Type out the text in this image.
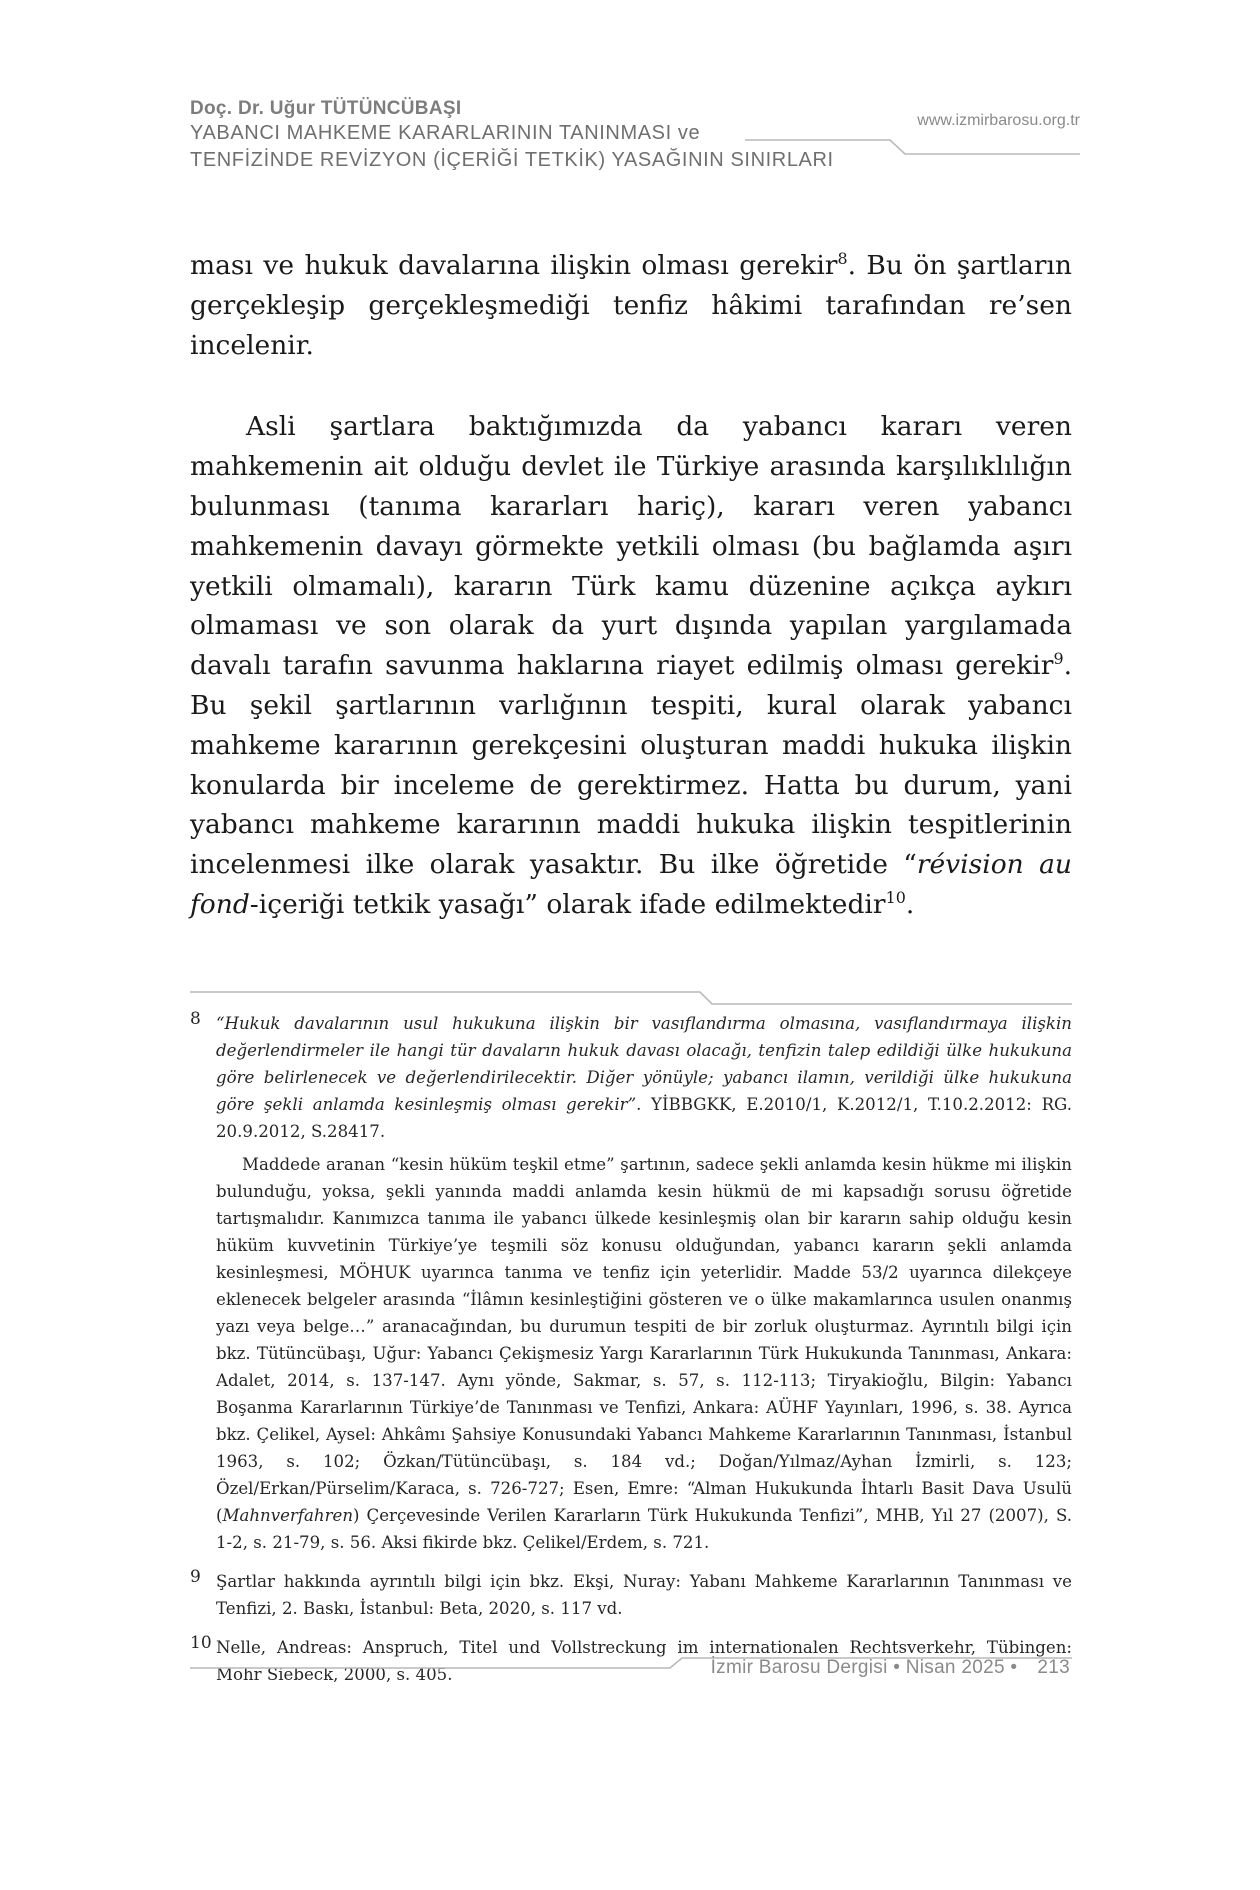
Doç. Dr. Uğur TÜTÜNCÜBAŞI
YABANCI MAHKEME KARARLARININ TANINMASI ve
TENFİZİNDE REVİZYON (İÇERİĞİ TETKİK) YASAĞININ SINIRLARI
www.izmirbarosu.org.tr

ması ve hukuk davalarına ilişkin olması gerekir$^8$. Bu ön şartların gerçekleşip gerçekleşmediği tenfiz hâkimi tarafından re’sen incelenir.

Asli şartlara baktığımızda da yabancı kararı veren mahkemenin ait olduğu devlet ile Türkiye arasında karşılıklılığın bulunması (tanıma kararları hariç), kararı veren yabancı mahkemenin davayı görmekte yetkili olması (bu bağlamda aşırı yetkili olmamalı), kararın Türk kamu düzenine açıkça aykırı olmaması ve son olarak da yurt dışında yapılan yargılamada davalı tarafın savunma haklarına riayet edilmiş olması gerekir$^9$. Bu şekil şartlarının varlığının tespiti, kural olarak yabancı mahkeme kararının gerekçesini oluşturan maddi hukuka ilişkin konularda bir inceleme de gerektirmez. Hatta bu durum, yani yabancı mahkeme kararının maddi hukuka ilişkin tespitlerinin incelenmesi ilke olarak yasaktır. Bu ilke öğretide “révision au fond-içeriği tetkik yasağı” olarak ifade edilmektedir$^{10}$.

8 “Hukuk davalarının usul hukukuna ilişkin bir vasıflandırma olmasına, vasıflandırmaya ilişkin değerlendirmeler ile hangi tür davaların hukuk davası olacağı, tenfizin talep edildiği ülke hukukuna göre belirlenecek ve değerlendirilecektir. Diğer yönüyle; yabancı ilamın, verildiği ülke hukukuna göre şekli anlamda kesinleşmiş olması gerekir”. YİBBGKK, E.2010/1, K.2012/1, T.10.2.2012: RG. 20.9.2012, S.28417.

Maddede aranan “kesin hüküm teşkil etme” şartının, sadece şekli anlamda kesin hükme mi ilişkin bulunduğu, yoksa, şekli yanında maddi anlamda kesin hükmü de mi kapsadığı sorusu öğretide tartışmalıdır. Kanımızca tanıma ile yabancı ülkede kesinleşmiş olan bir kararın sahip olduğu kesin hüküm kuvvetinin Türkiye’ye teşmili söz konusu olduğundan, yabancı kararın şekli anlamda kesinleşmesi, MÖHUK uyarınca tanıma ve tenfiz için yeterlidir. Madde 53/2 uyarınca dilekçeye eklenecek belgeler arasında “İlâmın kesinleştiğini gösteren ve o ülke makamlarınca usulen onanmış yazı veya belge…” aranacağından, bu durumun tespiti de bir zorluk oluşturmaz. Ayrıntılı bilgi için bkz. Tütüncübaşı, Uğur: Yabancı Çekişmesiz Yargı Kararlarının Türk Hukukunda Tanınması, Ankara: Adalet, 2014, s. 137-147. Aynı yönde, Sakmar, s. 57, s. 112-113; Tiryakioğlu, Bilgin: Yabancı Boşanma Kararlarının Türkiye’de Tanınması ve Tenfizi, Ankara: AÜHF Yayınları, 1996, s. 38. Ayrıca bkz. Çelikel, Aysel: Ahkâmı Şahsiye Konusundaki Yabancı Mahkeme Kararlarının Tanınması, İstanbul 1963, s. 102; Özkan/Tütüncübaşı, s. 184 vd.; Doğan/Yılmaz/Ayhan İzmirli, s. 123; Özel/Erkan/Pürselim/Karaca, s. 726-727; Esen, Emre: “Alman Hukukunda İhtarlı Basit Dava Usulü (Mahnverfahren) Çerçevesinde Verilen Kararların Türk Hukukunda Tenfizi”, MHB, Yıl 27 (2007), S. 1-2, s. 21-79, s. 56. Aksi fikirde bkz. Çelikel/Erdem, s. 721.

9 Şartlar hakkında ayrıntılı bilgi için bkz. Ekşi, Nuray: Yabanı Mahkeme Kararlarının Tanınması ve Tenfizi, 2. Baskı, İstanbul: Beta, 2020, s. 117 vd.

10 Nelle, Andreas: Anspruch, Titel und Vollstreckung im internationalen Rechtsverkehr, Tübingen: Mohr Siebeck, 2000, s. 405.	İzmir Barosu Dergisi • Nisan 2025 • 213
